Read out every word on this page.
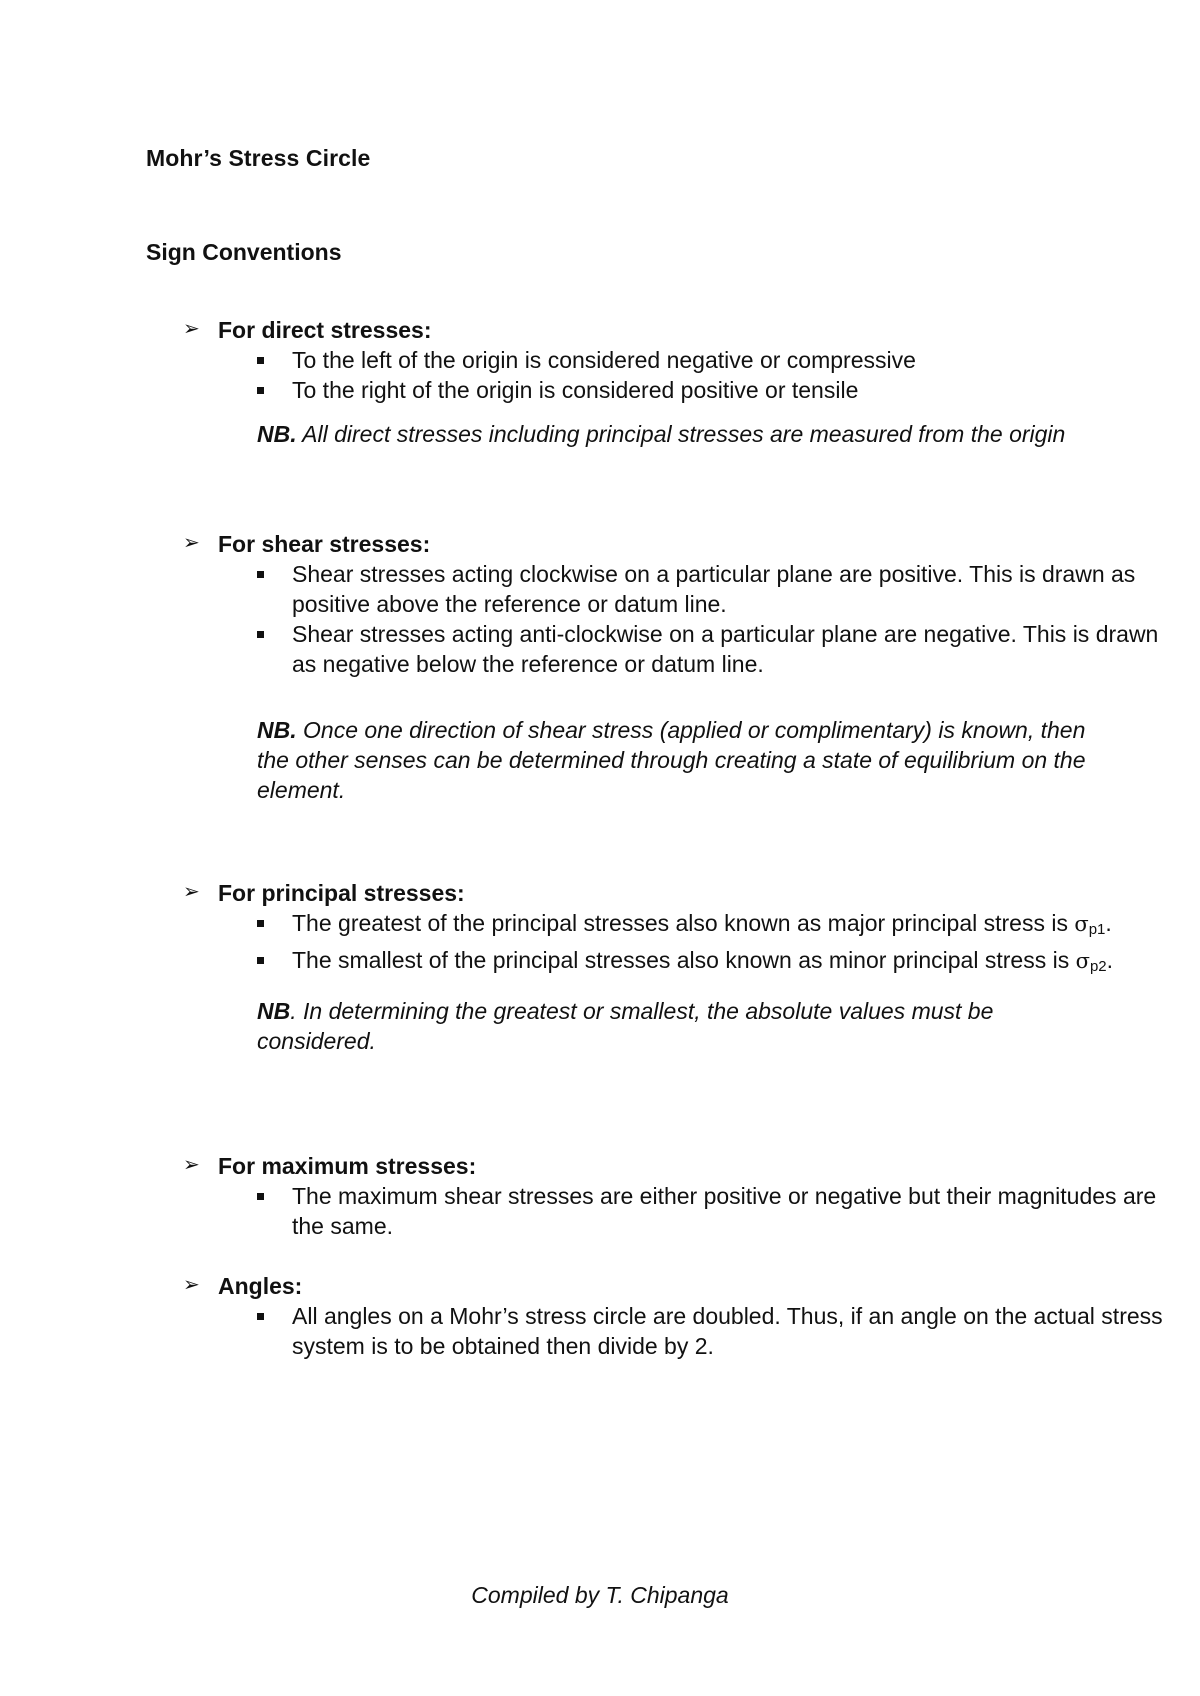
Mohr’s Stress Circle
Sign Conventions
➢ For direct stresses:
To the left of the origin is considered negative or compressive
To the right of the origin is considered positive or tensile
NB. All direct stresses including principal stresses are measured from the origin
➢ For shear stresses:
Shear stresses acting clockwise on a particular plane are positive. This is drawn as positive above the reference or datum line.
Shear stresses acting anti-clockwise on a particular plane are negative. This is drawn as negative below the reference or datum line.
NB. Once one direction of shear stress (applied or complimentary) is known, then the other senses can be determined through creating a state of equilibrium on the element.
➢ For principal stresses:
The greatest of the principal stresses also known as major principal stress is $\sigma_{p1}$.
The smallest of the principal stresses also known as minor principal stress is $\sigma_{p2}$.
NB. In determining the greatest or smallest, the absolute values must be considered.
➢ For maximum stresses:
The maximum shear stresses are either positive or negative but their magnitudes are the same.
➢ Angles:
All angles on a Mohr’s stress circle are doubled. Thus, if an angle on the actual stress system is to be obtained then divide by 2.
Compiled by T. Chipanga
